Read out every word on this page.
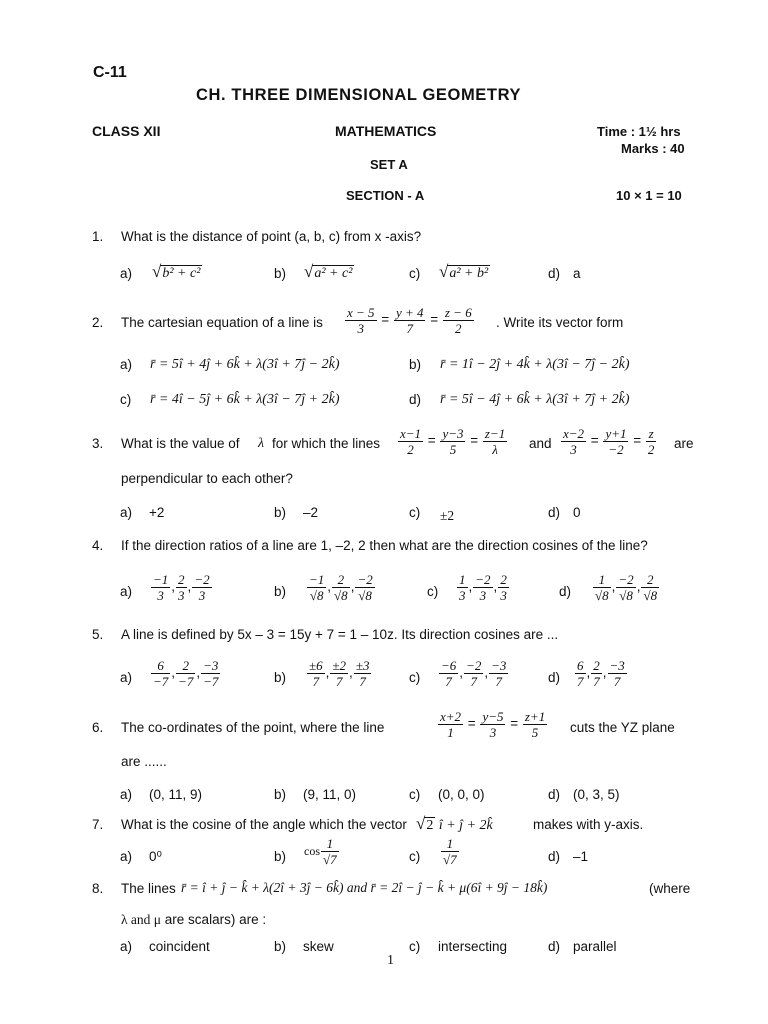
C-11
CH. THREE DIMENSIONAL GEOMETRY
CLASS XII	MATHEMATICS	Time : 1½ hrs
Marks : 40
SET A
SECTION - A	10 × 1 = 10
1. What is the distance of point (a, b, c) from x -axis?
a) √b² + c²	b) √a² + c²	c) √a² + b²	d) a
2. The cartesian equation of a line is $\frac{x - 5}{3} = \frac{y + 4}{7} = \frac{z - 6}{2}$ . Write its vector form
a) r̄ = 5î + 4ĵ + 6k̂ + λ(3î + 7ĵ − 2k̂)	b) r̄ = 1î − 2ĵ + 4k̂ + λ(3î − 7ĵ − 2k̂)
c) r̄ = 4î − 5ĵ + 6k̂ + λ(3î − 7ĵ + 2k̂)	d) r̄ = 5î − 4ĵ + 6k̂ + λ(3î + 7ĵ + 2k̂)
3. What is the value of λ for which the lines $\frac{x-1}{2} = \frac{y-3}{5} = \frac{z-1}{\lambda}$ and $\frac{x-2}{3} = \frac{y+1}{-2} = \frac{z}{2}$ are
perpendicular to each other?
a) +2	b) –2	c) ±2	d) 0
4. If the direction ratios of a line are 1, –2, 2 then what are the direction cosines of the line?
$a) \frac{-1}{3}$ , $\frac{2}{3}$ , $\frac{-2}{3}$	$b) \frac{-1}{√8}$ , $\frac{2}{√8}$ , $\frac{-2}{√8}$	$c) \frac{1}{3}$ , $\frac{-2}{3}$ , $\frac{2}{3}$	$d) \frac{1}{√8}$ , $\frac{-2}{√8}$ , $\frac{2}{√8}$
5. A line is defined by 5x – 3 = 15y + 7 = 1 – 10z. Its direction cosines are ...
$a) \frac{6}{-7}$ , $\frac{2}{-7}$ , $\frac{-3}{-7}$	$b) \frac{\pm 6}{7}$ , $\frac{\pm 2}{7}$ , $\frac{\pm 3}{7}$	$c) \frac{-6}{7}$ , $\frac{-2}{7}$ , $\frac{-3}{7}$	$d) \frac{6}{7}$ , $\frac{2}{7}$ , $\frac{-3}{7}$
6. The co-ordinates of the point, where the line	$\frac{x+2}{1} = \frac{y-5}{3} = \frac{z+1}{5}$ cuts the YZ plane
are ......
a) (0, 11, 9)	b) (9, 11, 0)	c) (0, 0, 0)	d) (0, 3, 5)
7. What is the cosine of the angle which the vector √2 î + ĵ + 2k̂	makes with y-axis.
a) 0⁰	b) $\cos \frac{1}{√7}$	$c) \frac{1}{√7}$	d) –1
8. The lines r̄ = î + ĵ − k̂ + λ(2î + 3ĵ − 6k̂) and r̄ = 2î − ĵ − k̂ + μ(6î + 9ĵ − 18k̂)	(where
λ and μ are scalars) are :
a) coincident	b) skew	c) intersecting	d) parallel
1
